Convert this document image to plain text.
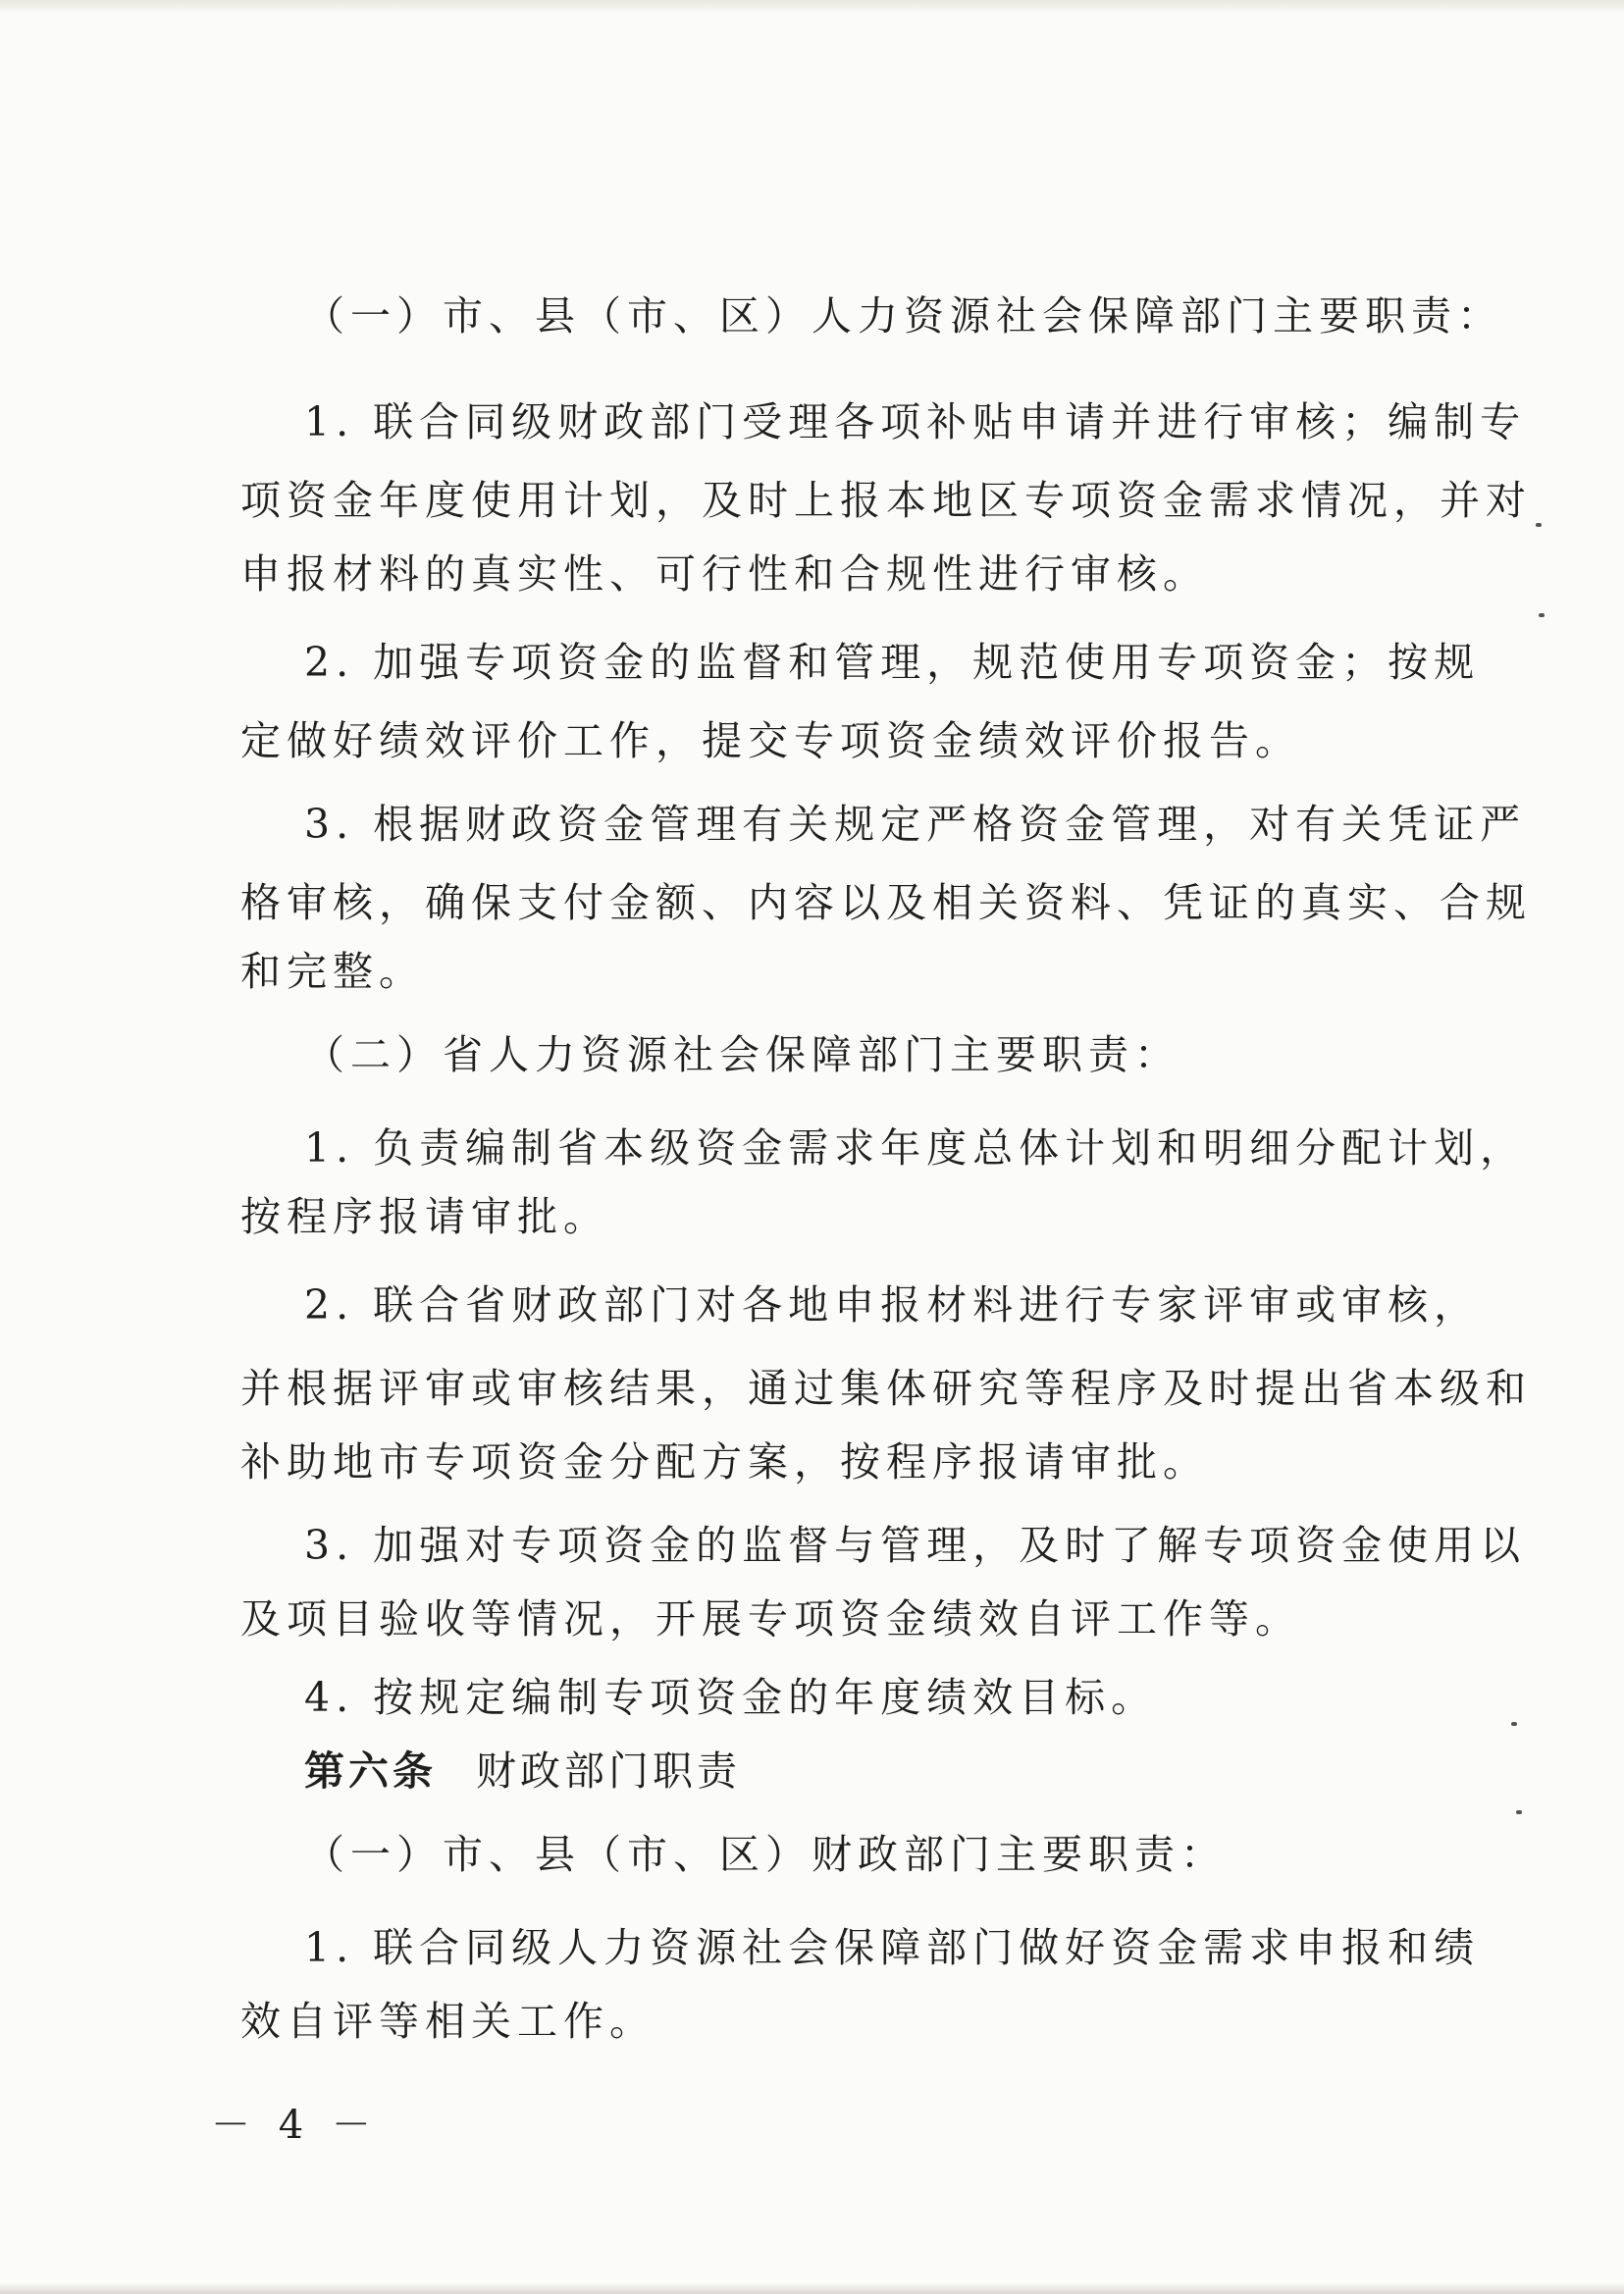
（一）市、县（市、区）人力资源社会保障部门主要职责：
1. 联合同级财政部门受理各项补贴申请并进行审核；编制专
项资金年度使用计划，及时上报本地区专项资金需求情况，并对
申报材料的真实性、可行性和合规性进行审核。
2. 加强专项资金的监督和管理，规范使用专项资金；按规
定做好绩效评价工作，提交专项资金绩效评价报告。
3. 根据财政资金管理有关规定严格资金管理，对有关凭证严
格审核，确保支付金额、内容以及相关资料、凭证的真实、合规
和完整。
（二）省人力资源社会保障部门主要职责：
1. 负责编制省本级资金需求年度总体计划和明细分配计划，
按程序报请审批。
2. 联合省财政部门对各地申报材料进行专家评审或审核，
并根据评审或审核结果，通过集体研究等程序及时提出省本级和
补助地市专项资金分配方案，按程序报请审批。
3. 加强对专项资金的监督与管理，及时了解专项资金使用以
及项目验收等情况，开展专项资金绩效自评工作等。
4. 按规定编制专项资金的年度绩效目标。
第六条 财政部门职责
（一）市、县（市、区）财政部门主要职责：
1. 联合同级人力资源社会保障部门做好资金需求申报和绩
效自评等相关工作。
－ 4 －
